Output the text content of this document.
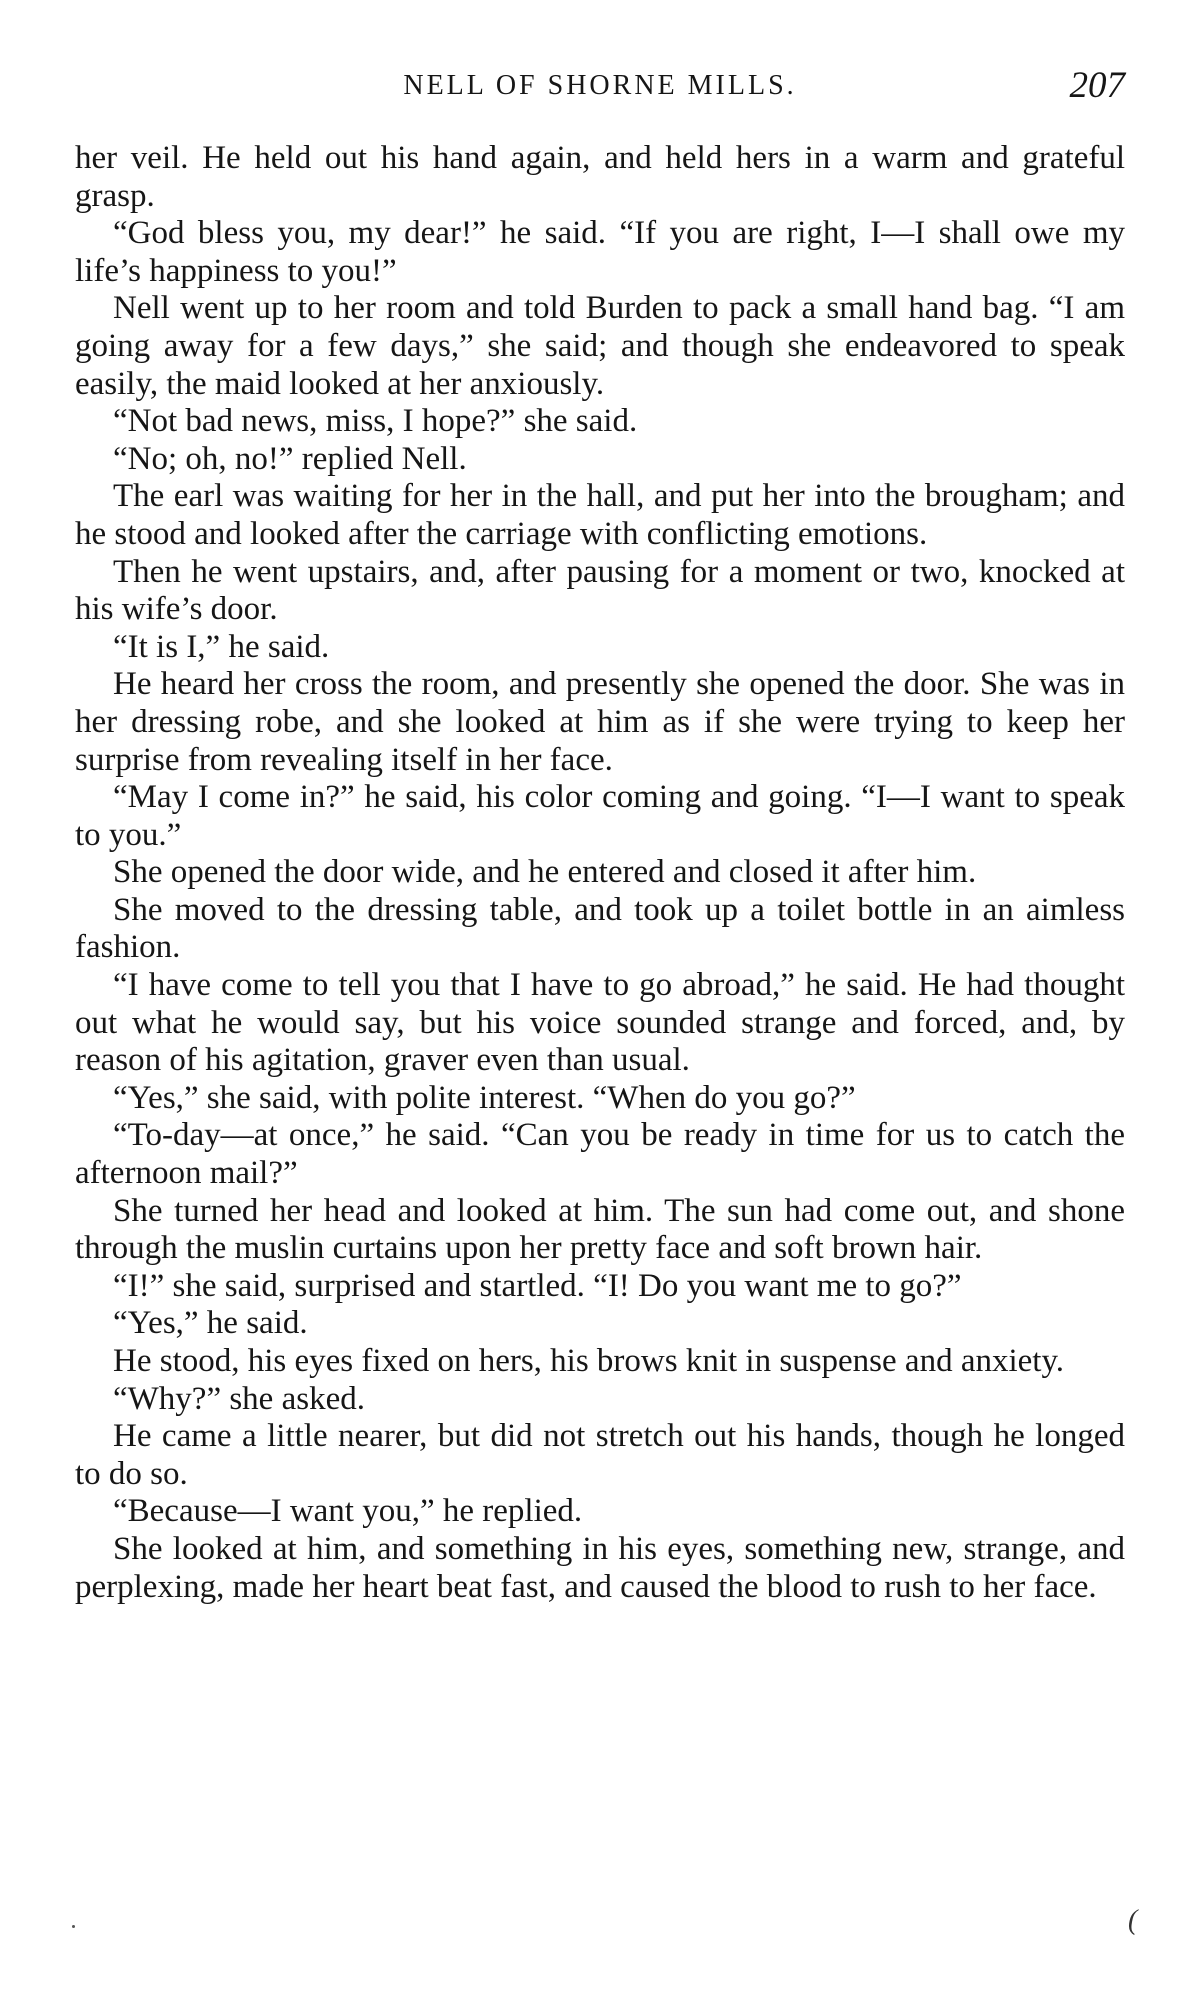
NELL OF SHORNE MILLS.	207

her veil. He held out his hand again, and held hers in a warm and grateful grasp.

“God bless you, my dear!” he said. “If you are right, I—I shall owe my life’s happiness to you!”

Nell went up to her room and told Burden to pack a small hand bag. “I am going away for a few days,” she said; and though she endeavored to speak easily, the maid looked at her anxiously.

“Not bad news, miss, I hope?” she said.

“No; oh, no!” replied Nell.

The earl was waiting for her in the hall, and put her into the brougham; and he stood and looked after the carriage with conflicting emotions.

Then he went upstairs, and, after pausing for a moment or two, knocked at his wife’s door.

“It is I,” he said.

He heard her cross the room, and presently she opened the door. She was in her dressing robe, and she looked at him as if she were trying to keep her surprise from revealing itself in her face.

“May I come in?” he said, his color coming and going. “I—I want to speak to you.”

She opened the door wide, and he entered and closed it after him.

She moved to the dressing table, and took up a toilet bottle in an aimless fashion.

“I have come to tell you that I have to go abroad,” he said. He had thought out what he would say, but his voice sounded strange and forced, and, by reason of his agitation, graver even than usual.

“Yes,” she said, with polite interest. “When do you go?”

“To-day—at once,” he said. “Can you be ready in time for us to catch the afternoon mail?”

She turned her head and looked at him. The sun had come out, and shone through the muslin curtains upon her pretty face and soft brown hair.

“I!” she said, surprised and startled. “I! Do you want me to go?”

“Yes,” he said.

He stood, his eyes fixed on hers, his brows knit in suspense and anxiety.

“Why?” she asked.

He came a little nearer, but did not stretch out his hands, though he longed to do so.

“Because—I want you,” he replied.

She looked at him, and something in his eyes, something new, strange, and perplexing, made her heart beat fast, and caused the blood to rush to her face.

(
